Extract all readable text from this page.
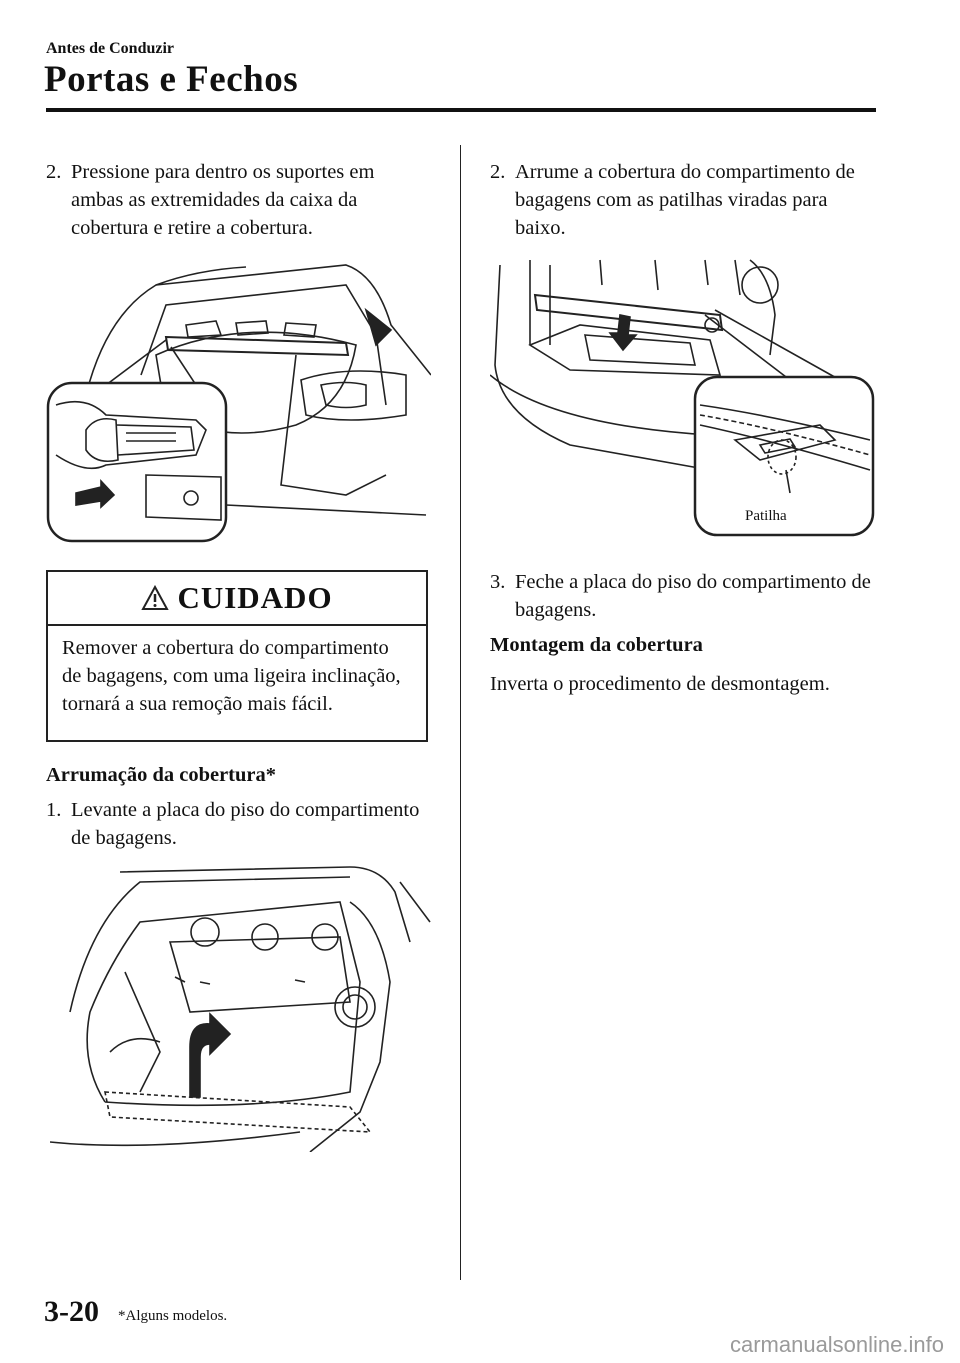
Antes de Conduzir
Portas e Fechos
2. Pressione para dentro os suportes em ambas as extremidades da caixa da cobertura e retire a cobertura.
CUIDADO
Remover a cobertura do compartimento de bagagens, com uma ligeira inclinação, tornará a sua remoção mais fácil.
Arrumação da cobertura*
1. Levante a placa do piso do compartimento de bagagens.
2. Arrume a cobertura do compartimento de bagagens com as patilhas viradas para baixo.
Patilha
3. Feche a placa do piso do compartimento de bagagens.
Montagem da cobertura
Inverta o procedimento de desmontagem.
3-20 *Alguns modelos.
carmanualsonline.info
